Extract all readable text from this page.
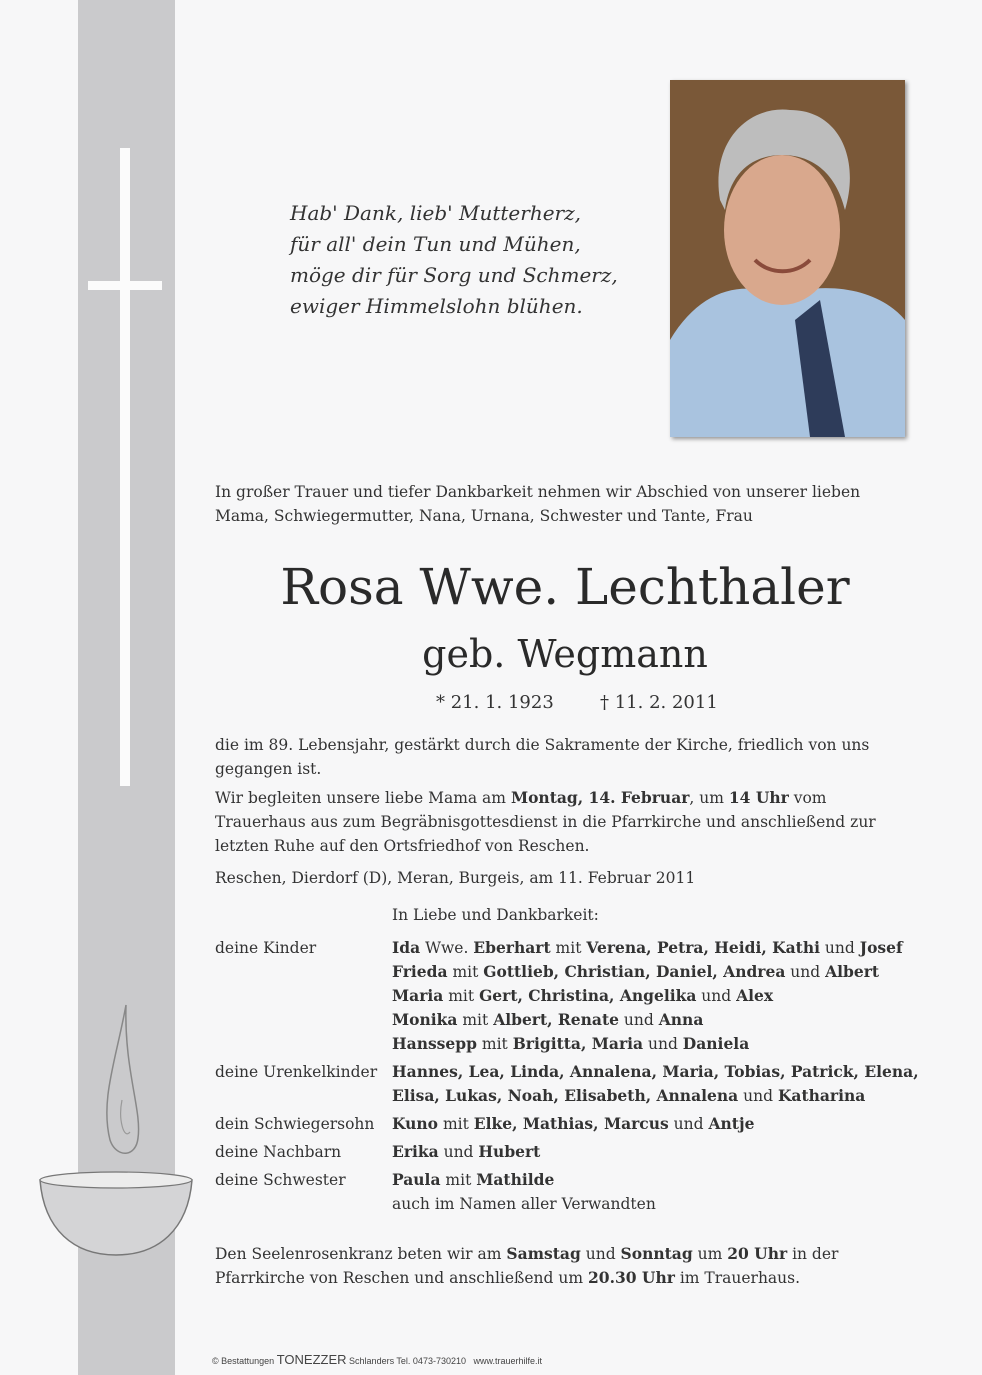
Hab' Dank, lieb' Mutterherz,
für all' dein Tun und Mühen,
möge dir für Sorg und Schmerz,
ewiger Himmelslohn blühen.
In großer Trauer und tiefer Dankbarkeit nehmen wir Abschied von unserer lieben
Mama, Schwiegermutter, Nana, Urnana, Schwester und Tante, Frau
Rosa Wwe. Lechthaler
geb. Wegmann
* 21. 1. 1923	† 11. 2. 2011
die im 89. Lebensjahr, gestärkt durch die Sakramente der Kirche, friedlich von uns gegangen ist.
Wir begleiten unsere liebe Mama am Montag, 14. Februar, um 14 Uhr vom Trauerhaus aus zum Begräbnisgottesdienst in die Pfarrkirche und anschließend zur letzten Ruhe auf den Ortsfriedhof von Reschen.
Reschen, Dierdorf (D), Meran, Burgeis, am 11. Februar 2011
In Liebe und Dankbarkeit:
deine Kinder	Ida Wwe. Eberhart mit Verena, Petra, Heidi, Kathi und Josef
Frieda mit Gottlieb, Christian, Daniel, Andrea und Albert
Maria mit Gert, Christina, Angelika und Alex
Monika mit Albert, Renate und Anna
Hanssepp mit Brigitta, Maria und Daniela
deine Urenkelkinder Hannes, Lea, Linda, Annalena, Maria, Tobias, Patrick, Elena,
Elisa, Lukas, Noah, Elisabeth, Annalena und Katharina
dein Schwiegersohn	Kuno mit Elke, Mathias, Marcus und Antje
deine Nachbarn	Erika und Hubert
deine Schwester	Paula mit Mathilde
auch im Namen aller Verwandten
Den Seelenrosenkranz beten wir am Samstag und Sonntag um 20 Uhr in der Pfarrkirche von Reschen und anschließend um 20.30 Uhr im Trauerhaus.
© Bestattungen TONEZZER Schlanders Tel. 0473-730210 www.trauerhilfe.it
